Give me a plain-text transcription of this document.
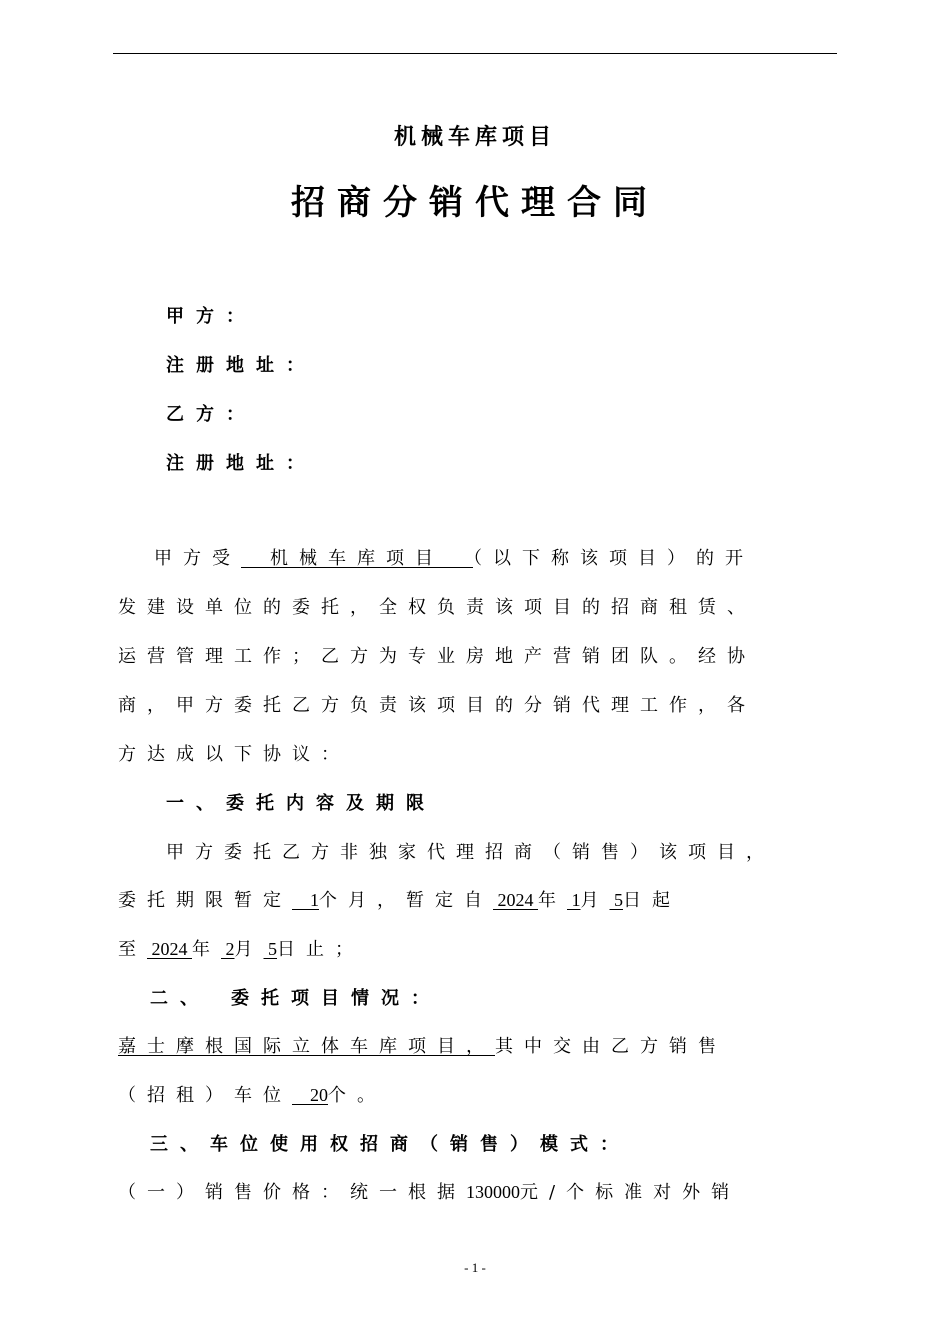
机械车库项目
招商分销代理合同
甲方：
注册地址：
乙方：
注册地址：
甲方受　机械车库项目　（以下称该项目）的开
发建设单位的委托，全权负责该项目的招商租赁、
运营管理工作；乙方为专业房地产营销团队。经协
商，甲方委托乙方负责该项目的分销代理工作，各
方达成以下协议：
一、委托内容及期限
甲方委托乙方非独家代理招商（销售）该项目，
委托期限暂定　1个月，暂定自 2024 年 1月 5日起
至 2024 年 2月 5日止；
二、　委托项目情况：
嘉士摩根国际立体车库项目，其中交由乙方销售
（招租）车位　20个。
三、车位使用权招商（销售）模式：
（一）销售价格：统一根据130000元/个标准对外销
- 1 -
